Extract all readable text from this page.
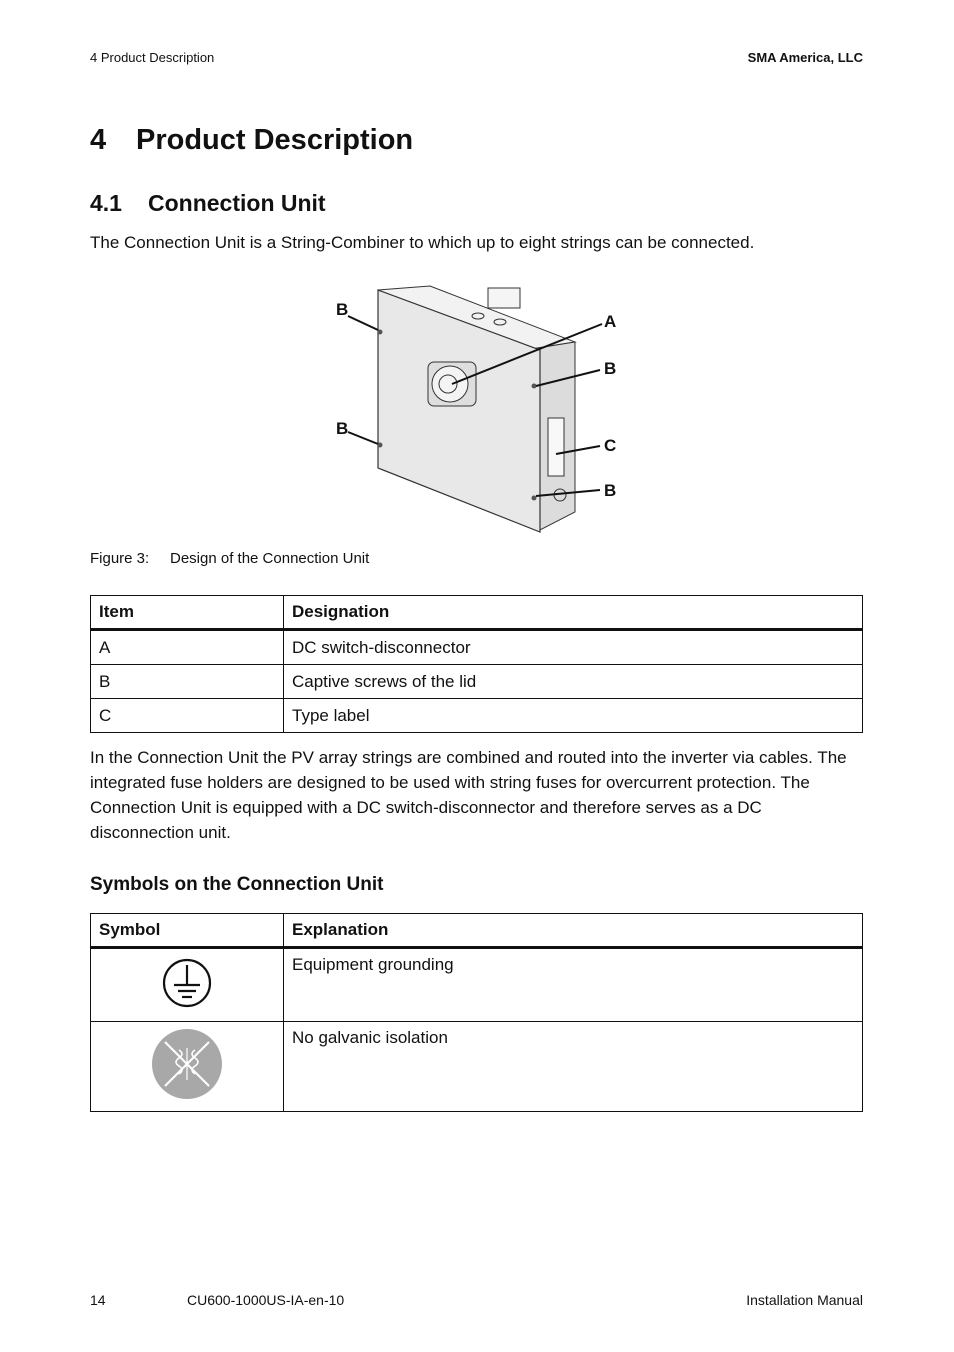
4 Product Description	SMA America, LLC
4 Product Description
4.1 Connection Unit

The Connection Unit is a String-Combiner to which up to eight strings can be connected.

A
B
B
B
B
C
Figure 3: Design of the Connection Unit
Item	Designation
A	DC switch-disconnector
B	Captive screws of the lid
C	Type label

In the Connection Unit the PV array strings are combined and routed into the inverter via cables. The integrated fuse holders are designed to be used with string fuses for overcurrent protection. The Connection Unit is equipped with a DC switch-disconnector and therefore serves as a DC disconnection unit.

Symbols on the Connection Unit
Symbol	Explanation
	Equipment grounding
	No galvanic isolation
14	CU600-1000US-IA-en-10	Installation Manual
